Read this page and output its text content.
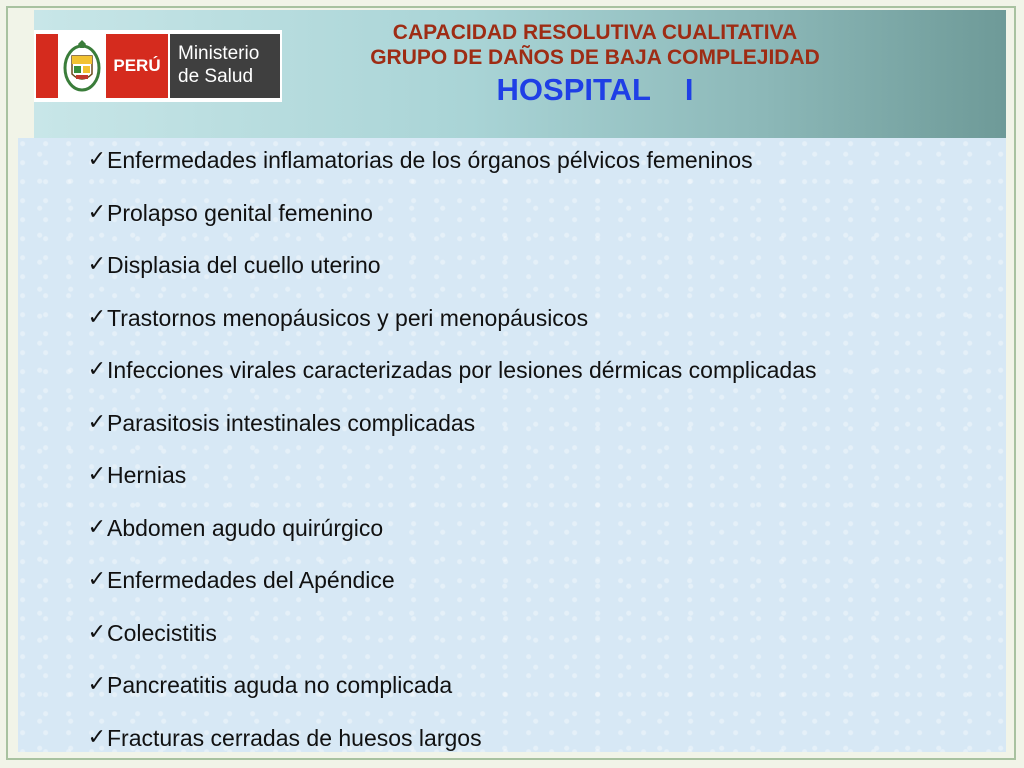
PERÚ
Ministerio
de Salud
CAPACIDAD RESOLUTIVA CUALITATIVA
GRUPO DE DAÑOS DE BAJA COMPLEJIDAD
HOSPITAL    I
✓ Enfermedades inflamatorias de los órganos pélvicos femeninos
✓ Prolapso genital femenino
✓ Displasia del cuello uterino
✓ Trastornos menopáusicos y peri menopáusicos
✓ Infecciones virales caracterizadas por lesiones dérmicas complicadas
✓ Parasitosis intestinales complicadas
✓ Hernias
✓ Abdomen agudo quirúrgico
✓ Enfermedades del Apéndice
✓ Colecistitis
✓ Pancreatitis aguda no complicada
✓ Fracturas cerradas de huesos largos
